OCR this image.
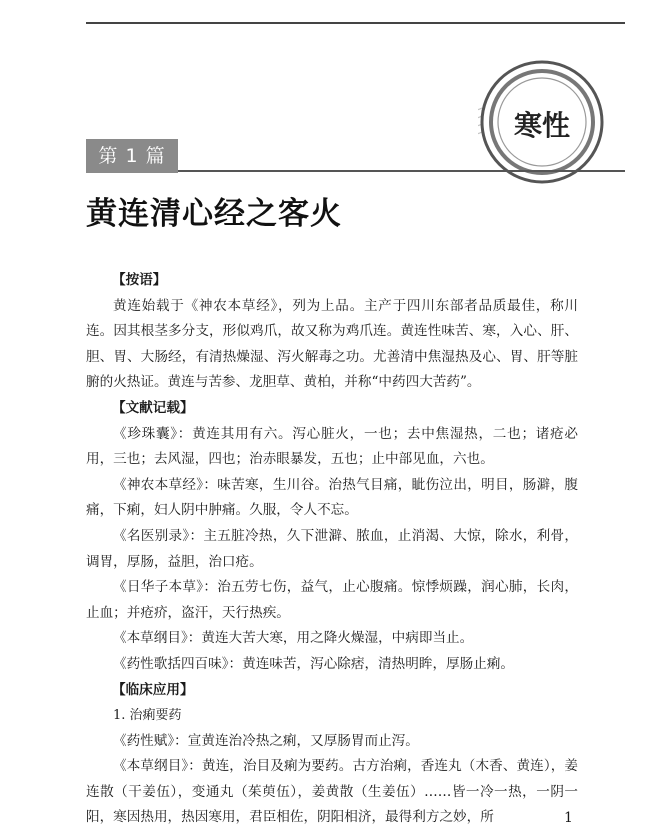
寒性
第 1 篇
黄连清心经之客火

【按语】

黄连始载于《神农本草经》，列为上品。主产于四川东部者品质最佳，称川连。因其根茎多分支，形似鸡爪，故又称为鸡爪连。黄连性味苦、寒，入心、肝、胆、胃、大肠经，有清热燥湿、泻火解毒之功。尤善清中焦湿热及心、胃、肝等脏腑的火热证。黄连与苦参、龙胆草、黄柏，并称“中药四大苦药”。

【文献记载】

《珍珠囊》：黄连其用有六。泻心脏火，一也；去中焦湿热，二也；诸疮必用，三也；去风湿，四也；治赤眼暴发，五也；止中部见血，六也。

《神农本草经》：味苦寒，生川谷。治热气目痛，眦伤泣出，明目，肠澼，腹痛，下痢，妇人阴中肿痛。久服，令人不忘。

《名医别录》：主五脏冷热，久下泄澼、脓血，止消渴、大惊，除水，利骨，调胃，厚肠，益胆，治口疮。

《日华子本草》：治五劳七伤，益气，止心腹痛。惊悸烦躁，润心肺，长肉，止血；并疮疥，盗汗，天行热疾。

《本草纲目》：黄连大苦大寒，用之降火燥湿，中病即当止。

《药性歌括四百味》：黄连味苦，泻心除痞，清热明眸，厚肠止痢。

【临床应用】

1. 治痢要药

《药性赋》：宣黄连治冷热之痢，又厚肠胃而止泻。

《本草纲目》：黄连，治目及痢为要药。古方治痢，香连丸（木香、黄连），姜连散（干姜伍），变通丸（茱萸伍），姜黄散（生姜伍）……皆一冷一热，一阴一阳，寒因热用，热因寒用，君臣相佐，阴阳相济，最得利方之妙，所	1
